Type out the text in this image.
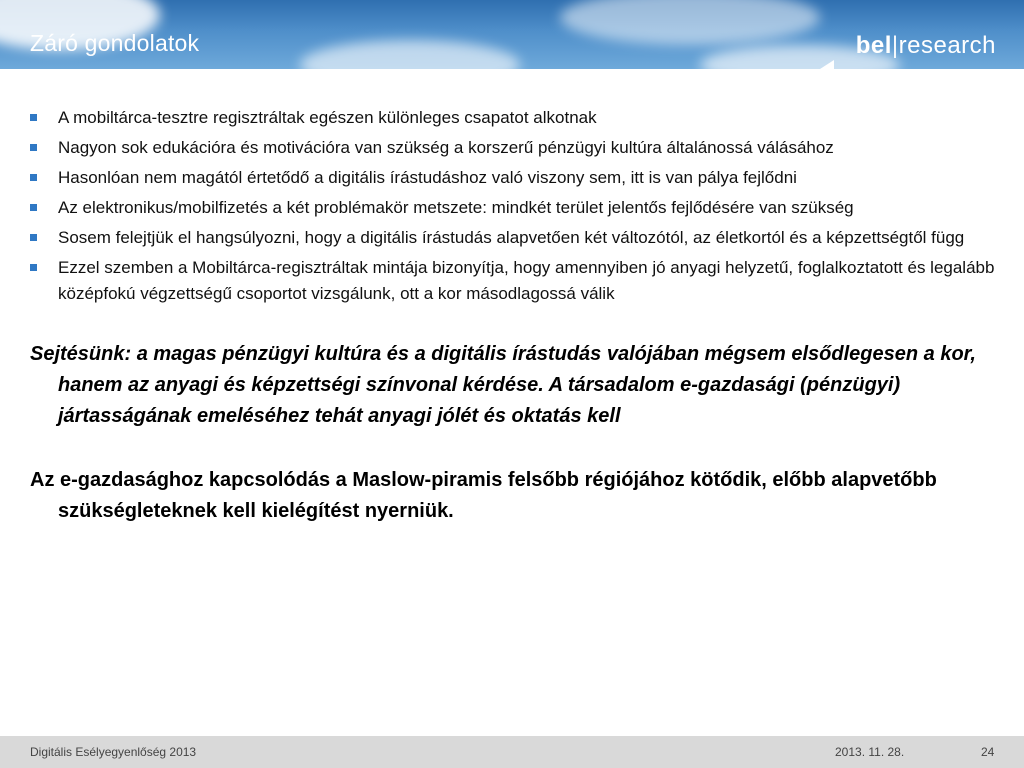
Záró gondolatok	bel|research
A mobiltárca-tesztre regisztráltak egészen különleges csapatot alkotnak
Nagyon sok edukációra és motivációra van szükség a korszerű pénzügyi kultúra általánossá válásához
Hasonlóan nem magától értetődő a digitális írástudáshoz való viszony sem, itt is van pálya fejlődni
Az elektronikus/mobilfizetés a két problémakör metszete: mindkét terület jelentős fejlődésére van szükség
Sosem felejtjük el hangsúlyozni, hogy a digitális írástudás alapvetően két változótól, az életkortól és a képzettségtől függ
Ezzel szemben a Mobiltárca-regisztráltak mintája bizonyítja, hogy amennyiben jó anyagi helyzetű, foglalkoztatott és legalább középfokú végzettségű csoportot vizsgálunk, ott a kor másodlagossá válik
Sejtésünk: a magas pénzügyi kultúra és a digitális írástudás valójában mégsem elsődlegesen a kor, hanem az anyagi és képzettségi színvonal kérdése. A társadalom e-gazdasági (pénzügyi) jártasságának emeléséhez tehát anyagi jólét és oktatás kell
Az e-gazdasághoz kapcsolódás a Maslow-piramis felsőbb régiójához kötődik, előbb alapvetőbb szükségleteknek kell kielégítést nyerniük.
Digitális Esélyegyenlőség 2013	2013. 11. 28.	24
